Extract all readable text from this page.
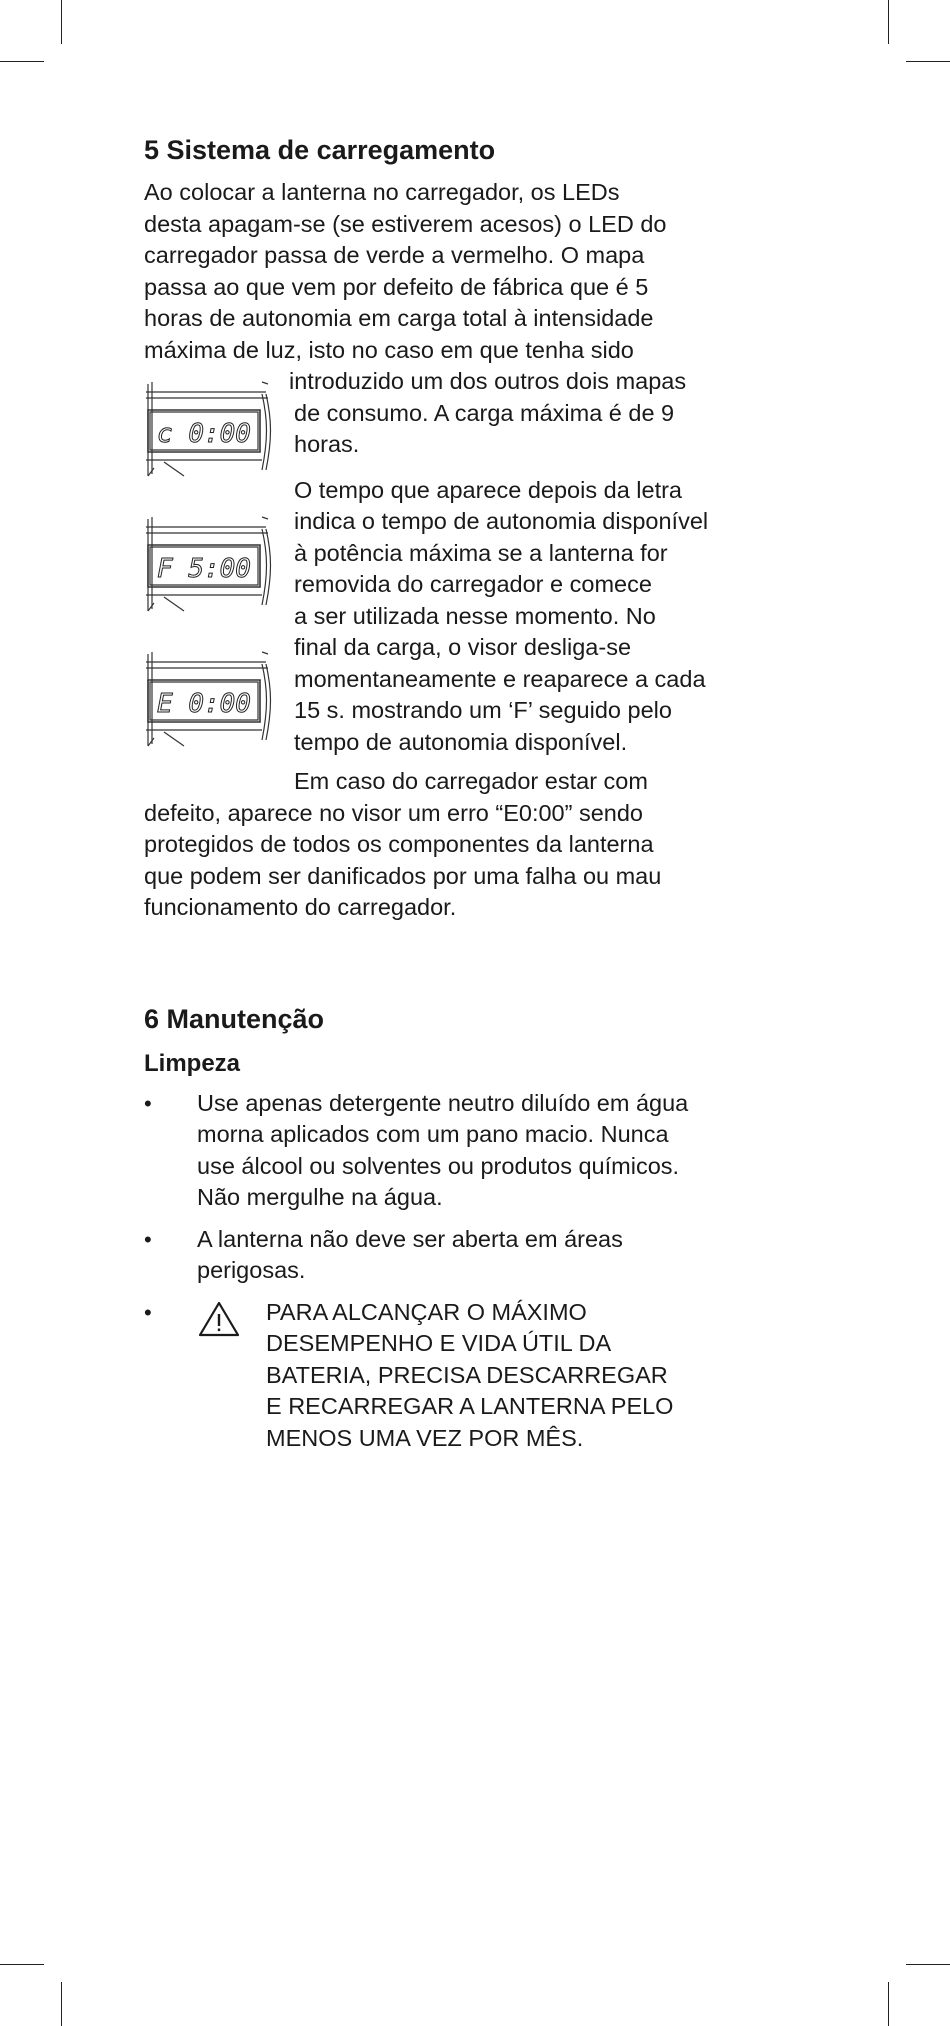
5 Sistema de carregamento

Ao colocar a lanterna no carregador, os LEDs
desta apagam-se (se estiverem acesos) o LED do
carregador passa de verde a vermelho. O mapa
passa ao que vem por defeito de fábrica que é 5
horas de autonomia em carga total à intensidade
máxima de luz, isto no caso em que tenha sido

c 0:00
F 5:00
E 0:00

introduzido um dos outros dois mapas
de consumo. A carga máxima é de 9
horas.

O tempo que aparece depois da letra
indica o tempo de autonomia disponível
à potência máxima se a lanterna for
removida do carregador e comece
a ser utilizada nesse momento. No
final da carga, o visor desliga-se
momentaneamente e reaparece a cada
15 s. mostrando um ‘F’ seguido pelo
tempo de autonomia disponível.

Em caso do carregador estar com

defeito, aparece no visor um erro “E0:00” sendo
protegidos de todos os componentes da lanterna
que podem ser danificados por uma falha ou mau
funcionamento do carregador.

6 Manutenção
Limpeza
• Use apenas detergente neutro diluído em água
morna aplicados com um pano macio. Nunca
use álcool ou solventes ou produtos químicos.
Não mergulhe na água.

• A lanterna não deve ser aberta em áreas
perigosas.

•	PARA ALCANÇAR O MÁXIMO
DESEMPENHO E VIDA ÚTIL DA
BATERIA, PRECISA DESCARREGAR
E RECARREGAR A LANTERNA PELO
MENOS UMA VEZ POR MÊS.
